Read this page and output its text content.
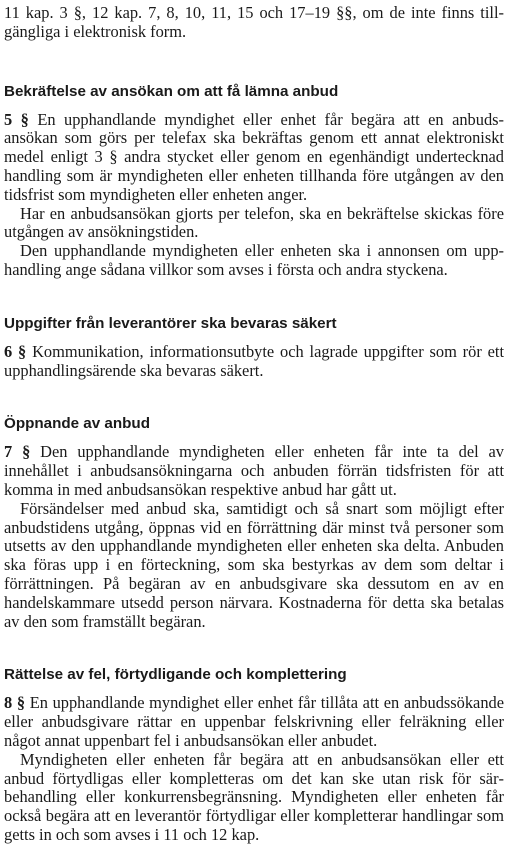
11 kap. 3 §, 12 kap. 7, 8, 10, 11, 15 och 17–19 §§, om de inte finns tillgängliga i elektronisk form.

Bekräftelse av ansökan om att få lämna anbud

5 § En upphandlande myndighet eller enhet får begära att en anbudsansökan som görs per telefax ska bekräftas genom ett annat elektroniskt medel enligt 3 § andra stycket eller genom en egenhändigt undertecknad handling som är myndigheten eller enheten tillhanda före utgången av den tidsfrist som myndigheten eller enheten anger.

Har en anbudsansökan gjorts per telefon, ska en bekräftelse skickas före utgången av ansökningstiden.

Den upphandlande myndigheten eller enheten ska i annonsen om upphandling ange sådana villkor som avses i första och andra styckena.

Uppgifter från leverantörer ska bevaras säkert

6 § Kommunikation, informationsutbyte och lagrade uppgifter som rör ett upphandlingsärende ska bevaras säkert.

Öppnande av anbud

7 § Den upphandlande myndigheten eller enheten får inte ta del av innehållet i anbudsansökningarna och anbuden förrän tidsfristen för att komma in med anbudsansökan respektive anbud har gått ut.

Försändelser med anbud ska, samtidigt och så snart som möjligt efter anbudstidens utgång, öppnas vid en förrättning där minst två personer som utsetts av den upphandlande myndigheten eller enheten ska delta. Anbuden ska föras upp i en förteckning, som ska bestyrkas av dem som deltar i förrättningen. På begäran av en anbudsgivare ska dessutom en av en handelskammare utsedd person närvara. Kostnaderna för detta ska betalas av den som framställt begäran.

Rättelse av fel, förtydligande och komplettering

8 § En upphandlande myndighet eller enhet får tillåta att en anbudssökande eller anbudsgivare rättar en uppenbar felskrivning eller felräkning eller något annat uppenbart fel i anbudsansökan eller anbudet.

Myndigheten eller enheten får begära att en anbudsansökan eller ett anbud förtydligas eller kompletteras om det kan ske utan risk för särbehandling eller konkurrensbegränsning. Myndigheten eller enheten får också begära att en leverantör förtydligar eller kompletterar handlingar som getts in och som avses i 11 och 12 kap.
